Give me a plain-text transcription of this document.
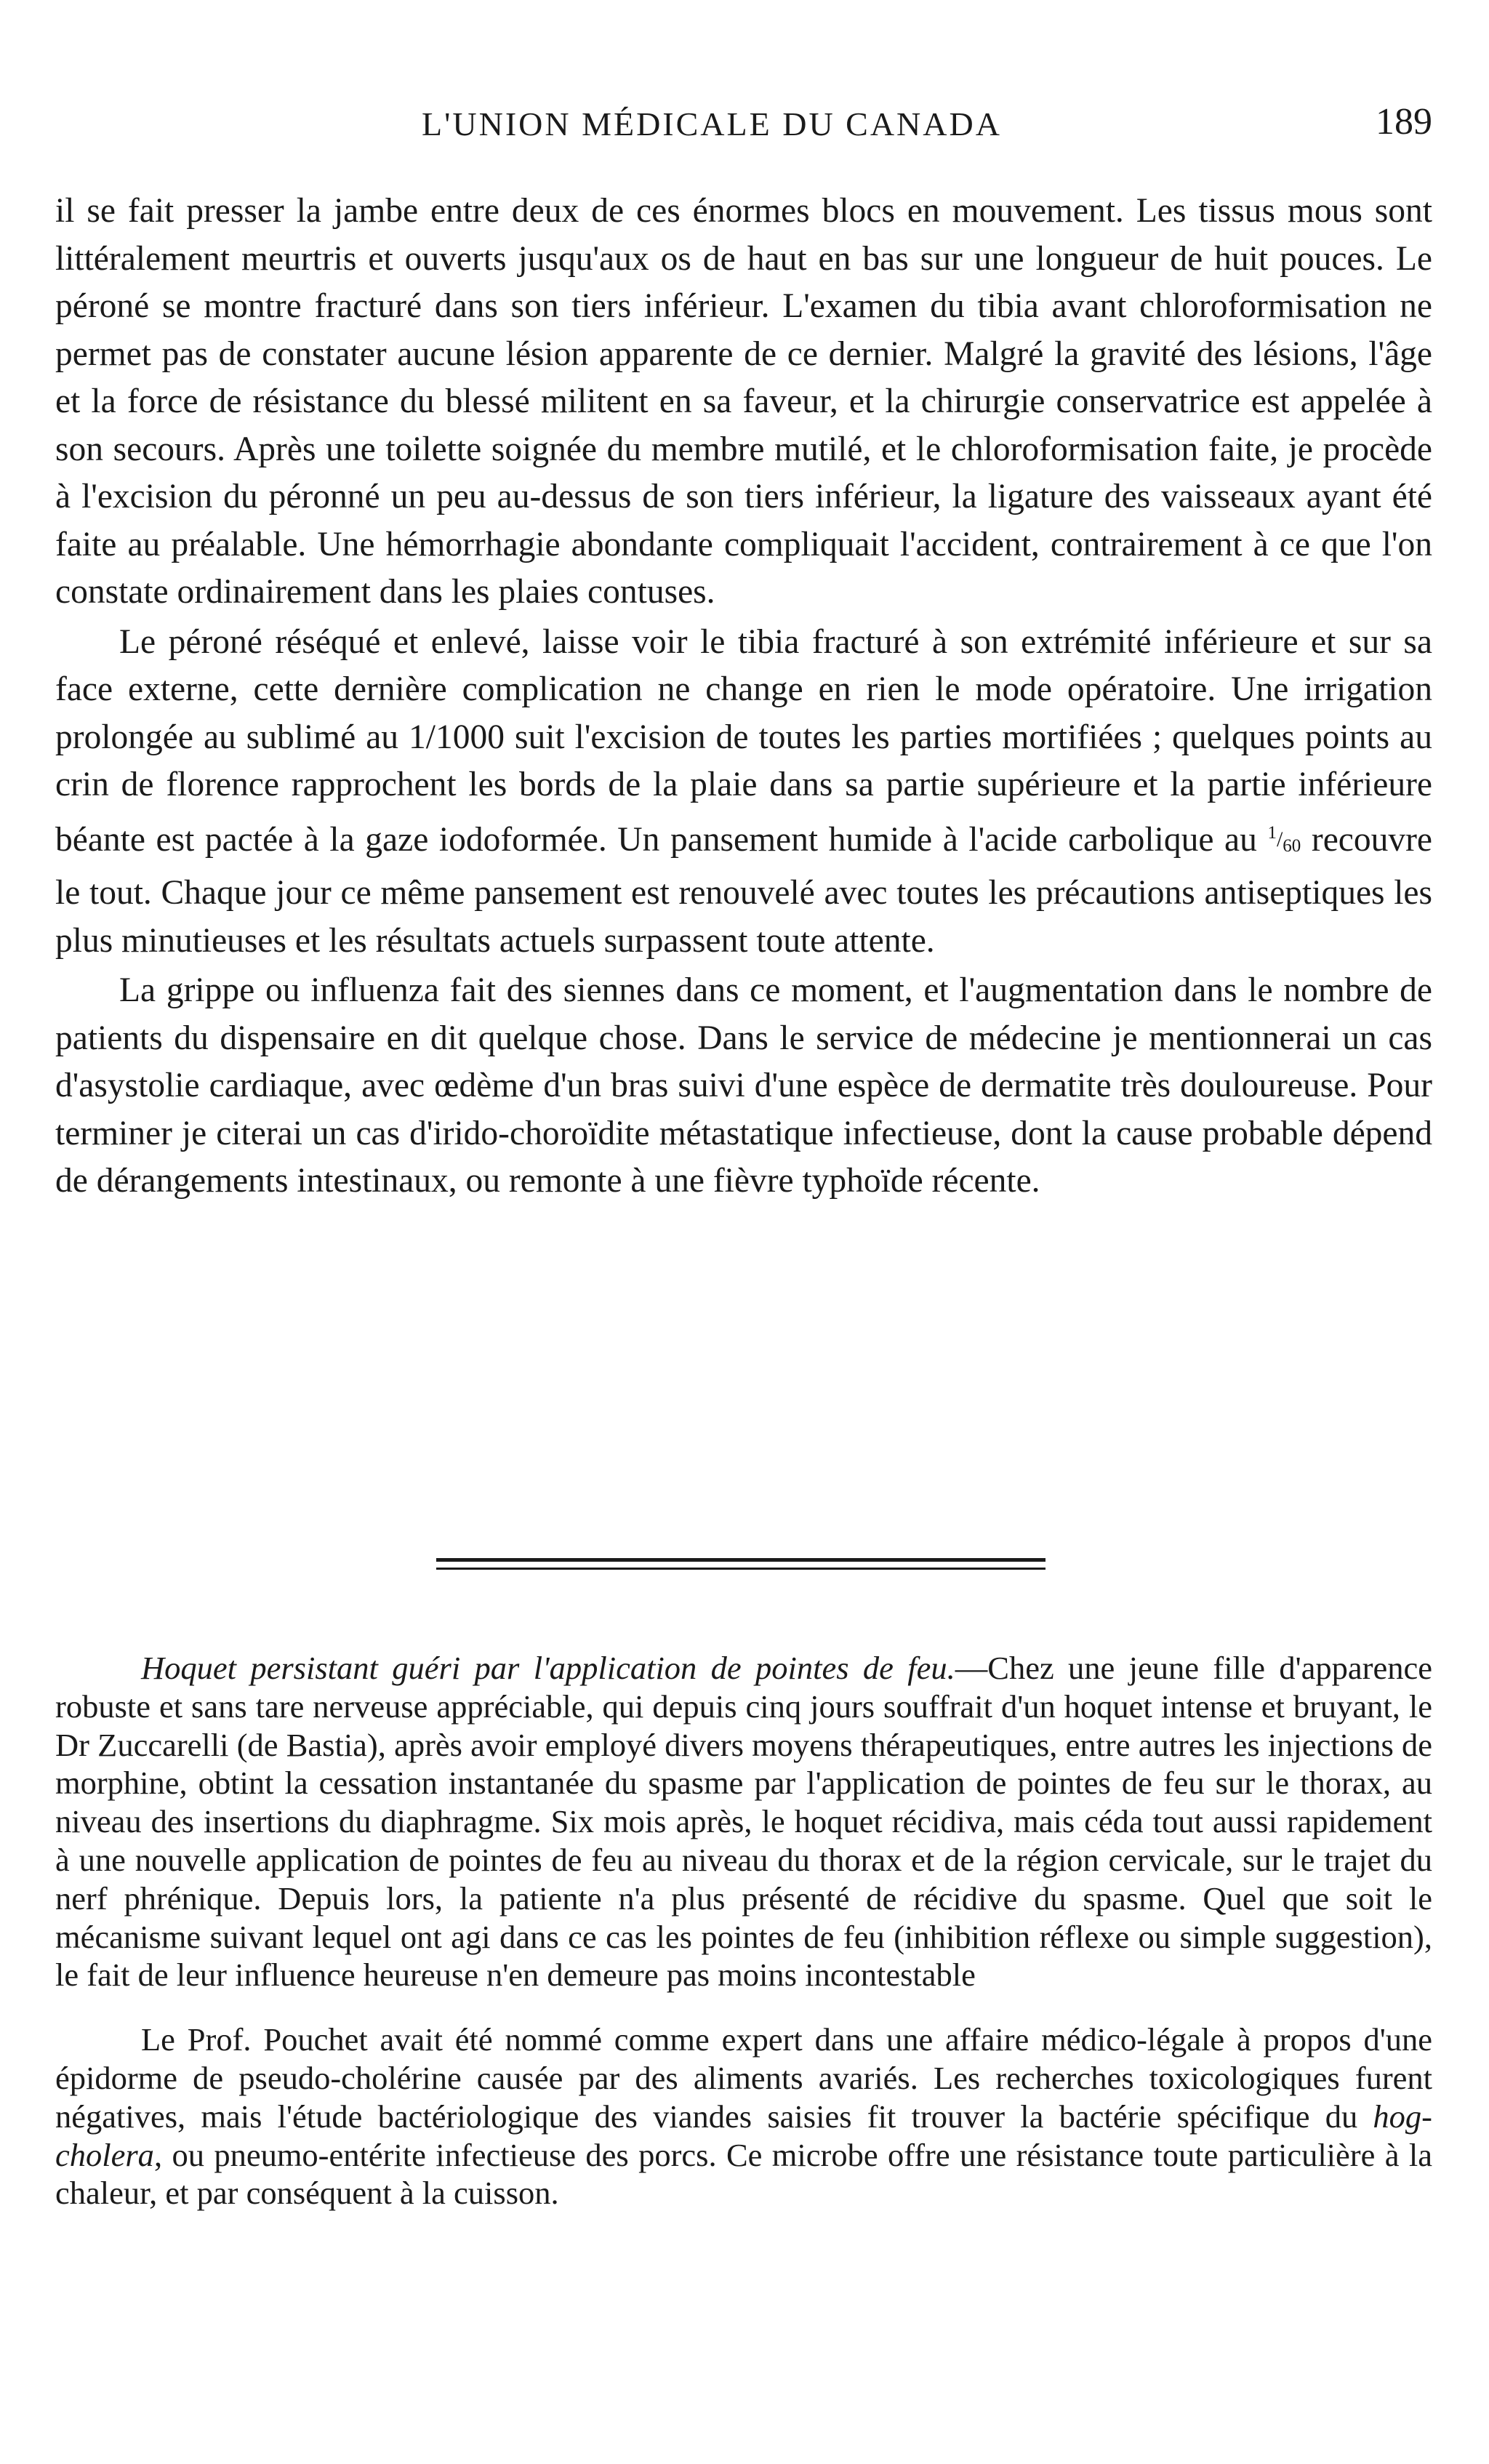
L'UNION MÉDICALE DU CANADA	189

il se fait presser la jambe entre deux de ces énormes blocs en mouvement. Les tissus mous sont littéralement meurtris et ouverts jusqu'aux os de haut en bas sur une longueur de huit pouces. Le péroné se montre fracturé dans son tiers inférieur. L'examen du tibia avant chloroformisation ne permet pas de constater aucune lésion apparente de ce dernier. Malgré la gravité des lésions, l'âge et la force de résistance du blessé militent en sa faveur, et la chirurgie conservatrice est appelée à son secours. Après une toilette soignée du membre mutilé, et le chloroformisation faite, je procède à l'excision du péronné un peu au-dessus de son tiers inférieur, la ligature des vaisseaux ayant été faite au préalable. Une hémorrhagie abondante compliquait l'accident, contrairement à ce que l'on constate ordinairement dans les plaies contuses.

Le péroné réséqué et enlevé, laisse voir le tibia fracturé à son extrémité inférieure et sur sa face externe, cette dernière complication ne change en rien le mode opératoire. Une irrigation prolongée au sublimé au 1/1000 suit l'excision de toutes les parties mortifiées ; quelques points au crin de florence rapprochent les bords de la plaie dans sa partie supérieure et la partie inférieure béante est pactée à la gaze iodoformée. Un pansement humide à l'acide carbolique au $^1/_{60}$ recouvre le tout. Chaque jour ce même pansement est renouvelé avec toutes les précautions antiseptiques les plus minutieuses et les résultats actuels surpassent toute attente.

La grippe ou influenza fait des siennes dans ce moment, et l'augmentation dans le nombre de patients du dispensaire en dit quelque chose. Dans le service de médecine je mentionnerai un cas d'asystolie cardiaque, avec œdème d'un bras suivi d'une espèce de dermatite très douloureuse. Pour terminer je citerai un cas d'irido-choroïdite métastatique infectieuse, dont la cause probable dépend de dérangements intestinaux, ou remonte à une fièvre typhoïde récente.

Hoquet persistant guéri par l'application de pointes de feu.—Chez une jeune fille d'apparence robuste et sans tare nerveuse appréciable, qui depuis cinq jours souffrait d'un hoquet intense et bruyant, le Dr Zuccarelli (de Bastia), après avoir employé divers moyens thérapeutiques, entre autres les injections de morphine, obtint la cessation instantanée du spasme par l'application de pointes de feu sur le thorax, au niveau des insertions du diaphragme. Six mois après, le hoquet récidiva, mais céda tout aussi rapidement à une nouvelle application de pointes de feu au niveau du thorax et de la région cervicale, sur le trajet du nerf phrénique. Depuis lors, la patiente n'a plus présenté de récidive du spasme. Quel que soit le mécanisme suivant lequel ont agi dans ce cas les pointes de feu (inhibition réflexe ou simple suggestion), le fait de leur influence heureuse n'en demeure pas moins incontestable

Le Prof. Pouchet avait été nommé comme expert dans une affaire médico-légale à propos d'une épidorme de pseudo-cholérine causée par des aliments avariés. Les recherches toxicologiques furent négatives, mais l'étude bactériologique des viandes saisies fit trouver la bactérie spécifique du hog-cholera, ou pneumo-entérite infectieuse des porcs. Ce microbe offre une résistance toute particulière à la chaleur, et par conséquent à la cuisson.
